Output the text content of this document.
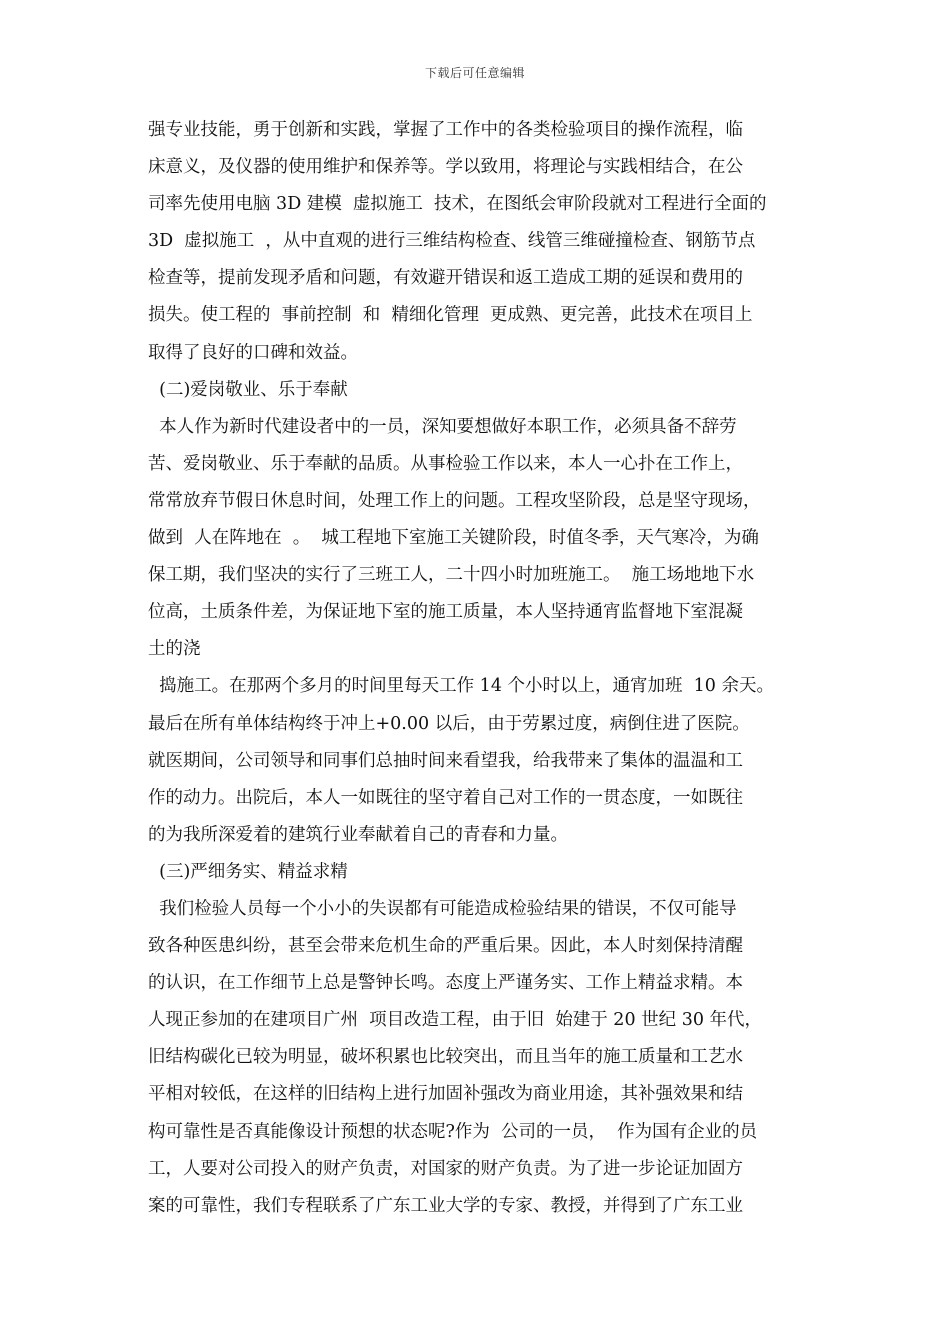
下载后可任意编辑
强专业技能，勇于创新和实践，掌握了工作中的各类检验项目的操作流程，临
床意义，及仪器的使用维护和保养等。学以致用，将理论与实践相结合，在公
司率先使用电脑 3D 建模  虚拟施工  技术，在图纸会审阶段就对工程进行全面的
3D  虚拟施工  ，从中直观的进行三维结构检查、线管三维碰撞检查、钢筋节点
检查等，提前发现矛盾和问题，有效避开错误和返工造成工期的延误和费用的
损失。使工程的  事前控制  和  精细化管理  更成熟、更完善，此技术在项目上
取得了良好的口碑和效益。
(二)爱岗敬业、乐于奉献
本人作为新时代建设者中的一员，深知要想做好本职工作，必须具备不辞劳
苦、爱岗敬业、乐于奉献的品质。从事检验工作以来，本人一心扑在工作上，
常常放弃节假日休息时间，处理工作上的问题。工程攻坚阶段，总是坚守现场，
做到  人在阵地在  。  城工程地下室施工关键阶段，时值冬季，天气寒冷，为确
保工期，我们坚决的实行了三班工人，二十四小时加班施工。  施工场地地下水
位高，土质条件差，为保证地下室的施工质量，本人坚持通宵监督地下室混凝
土的浇
捣施工。在那两个多月的时间里每天工作 14 个小时以上，通宵加班  10 余天。
最后在所有单体结构终于冲上+0.00 以后，由于劳累过度，病倒住进了医院。
就医期间，公司领导和同事们总抽时间来看望我，给我带来了集体的温温和工
作的动力。出院后，本人一如既往的坚守着自己对工作的一贯态度，一如既往
的为我所深爱着的建筑行业奉献着自己的青春和力量。
(三)严细务实、精益求精
我们检验人员每一个小小的失误都有可能造成检验结果的错误，不仅可能导
致各种医患纠纷，甚至会带来危机生命的严重后果。因此，本人时刻保持清醒
的认识，在工作细节上总是警钟长鸣。态度上严谨务实、工作上精益求精。本
人现正参加的在建项目广州  项目改造工程，由于旧  始建于 20 世纪 30 年代，
旧结构碳化已较为明显，破坏积累也比较突出，而且当年的施工质量和工艺水
平相对较低，在这样的旧结构上进行加固补强改为商业用途，其补强效果和结
构可靠性是否真能像设计预想的状态呢?作为  公司的一员，  作为国有企业的员
工，人要对公司投入的财产负责，对国家的财产负责。为了进一步论证加固方
案的可靠性，我们专程联系了广东工业大学的专家、教授，并得到了广东工业
